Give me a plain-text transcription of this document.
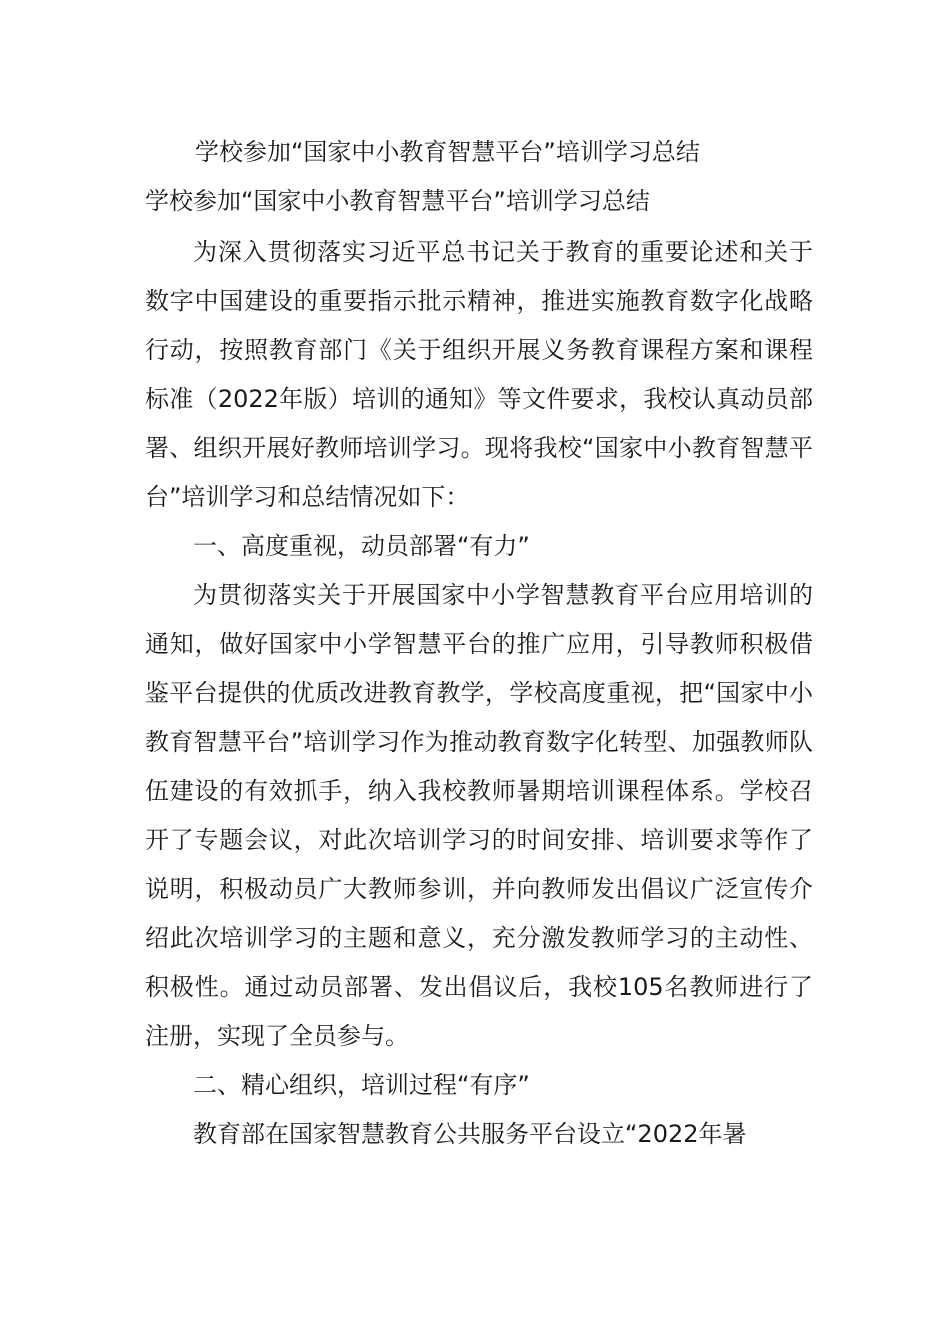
学校参加“国家中小教育智慧平台”培训学习总结
学校参加“国家中小教育智慧平台”培训学习总结

为深入贯彻落实习近平总书记关于教育的重要论述和关于数字中国建设的重要指示批示精神，推进实施教育数字化战略行动，按照教育部门《关于组织开展义务教育课程方案和课程标准（2022年版）培训的通知》等文件要求，我校认真动员部署、组织开展好教师培训学习。现将我校“国家中小教育智慧平台”培训学习和总结情况如下：

一、高度重视，动员部署“有力”

为贯彻落实关于开展国家中小学智慧教育平台应用培训的通知，做好国家中小学智慧平台的推广应用，引导教师积极借鉴平台提供的优质改进教育教学，学校高度重视，把“国家中小教育智慧平台”培训学习作为推动教育数字化转型、加强教师队伍建设的有效抓手，纳入我校教师暑期培训课程体系。学校召开了专题会议，对此次培训学习的时间安排、培训要求等作了说明，积极动员广大教师参训，并向教师发出倡议广泛宣传介绍此次培训学习的主题和意义，充分激发教师学习的主动性、积极性。通过动员部署、发出倡议后，我校105名教师进行了注册，实现了全员参与。

二、精心组织，培训过程“有序”

教育部在国家智慧教育公共服务平台设立“2022年暑
